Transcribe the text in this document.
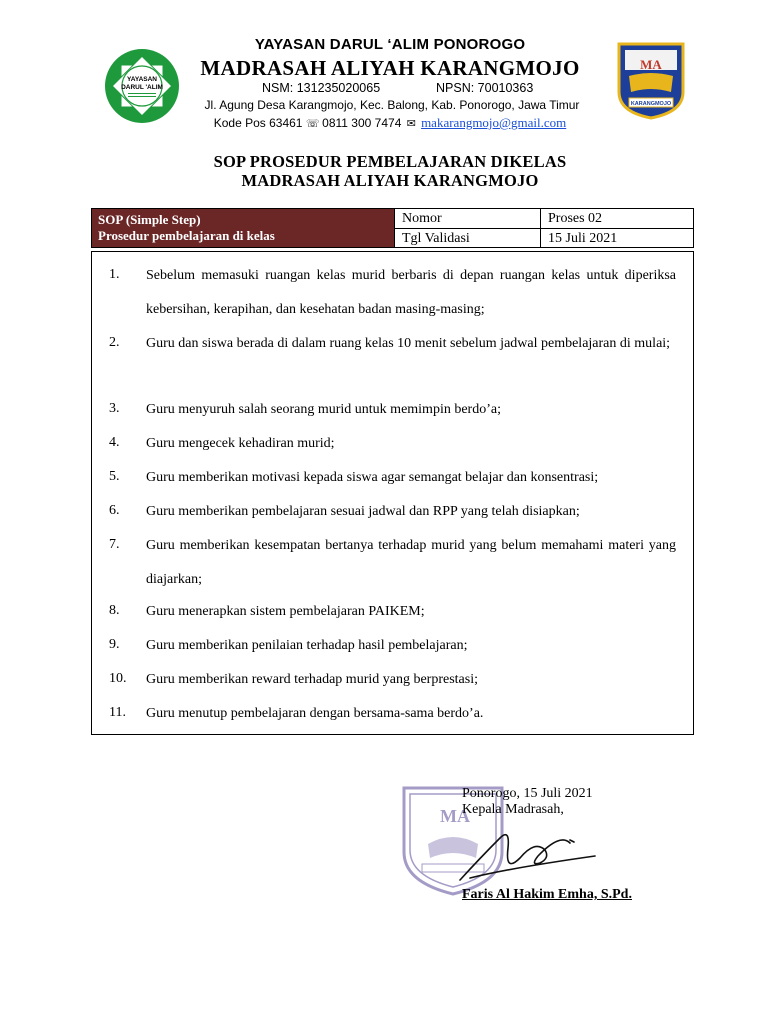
YAYASAN
DARUL 'ALIM
MA
KARANGMOJO
YAYASAN DARUL ‘ALIM PONOROGO
MADRASAH ALIYAH KARANGMOJO
NSM: 131235020065	NPSN: 70010363
Jl. Agung Desa Karangmojo, Kec. Balong, Kab. Ponorogo, Jawa Timur
Kode Pos 63461 ☏ 0811 300 7474 ✉ makarangmojo@gmail.com
SOP PROSEDUR PEMBELAJARAN DIKELAS
MADRASAH ALIYAH KARANGMOJO
SOP (Simple Step)
Prosedur pembelajaran di kelas
Nomor	Proses 02
Tgl Validasi	15 Juli 2021
1.	Sebelum memasuki ruangan kelas murid berbaris di depan ruangan kelas untuk diperiksa kebersihan, kerapihan, dan kesehatan badan masing-masing;
2.	Guru dan siswa berada di dalam ruang kelas 10 menit sebelum jadwal pembelajaran di mulai;
3.	Guru menyuruh salah seorang murid untuk memimpin berdo’a;
4.	Guru mengecek kehadiran murid;
5.	Guru memberikan motivasi kepada siswa agar semangat belajar dan konsentrasi;
6.	Guru memberikan pembelajaran sesuai jadwal dan RPP yang telah disiapkan;
7.	Guru memberikan kesempatan bertanya terhadap murid yang belum memahami materi yang diajarkan;
8.	Guru menerapkan sistem pembelajaran PAIKEM;
9.	Guru memberikan penilaian terhadap hasil pembelajaran;
10.	Guru memberikan reward terhadap murid yang berprestasi;
11.	Guru menutup pembelajaran dengan bersama-sama berdo’a.
MA
Ponorogo, 15 Juli 2021
Kepala Madrasah,
Faris Al Hakim Emha, S.Pd.
